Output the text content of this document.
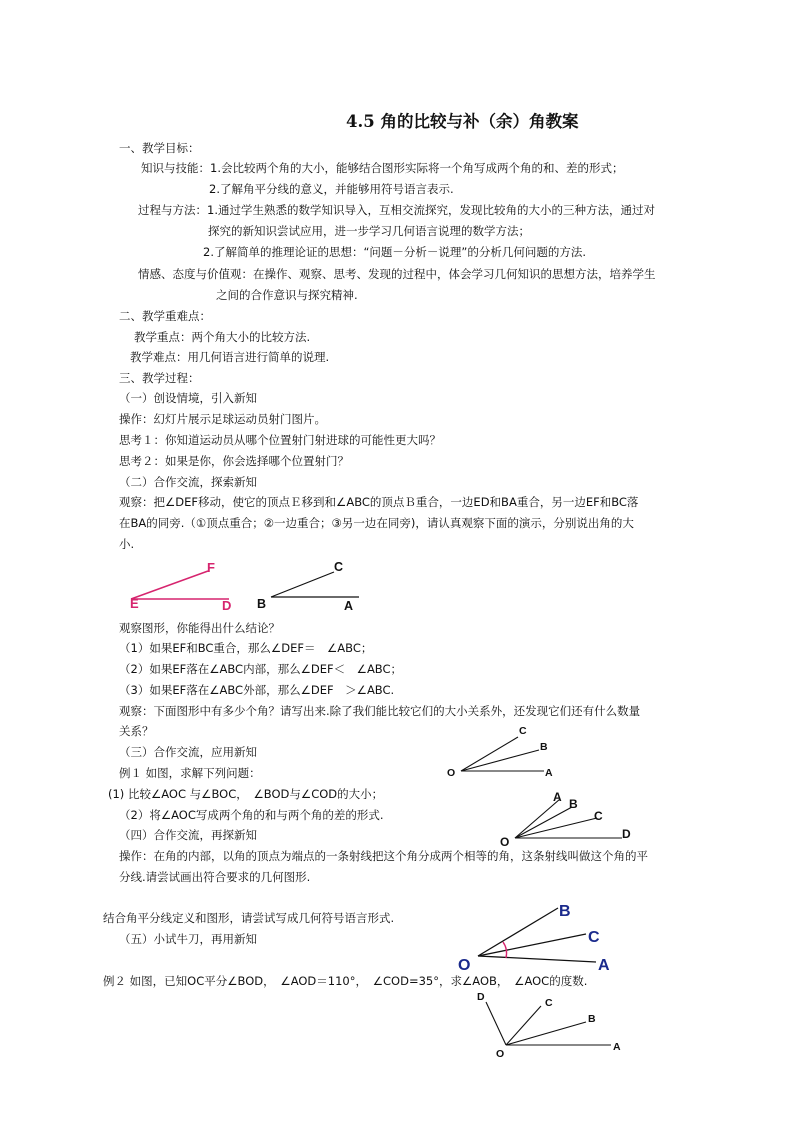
4.5 角的比较与补（余）角教案
一、教学目标：
知识与技能：1.会比较两个角的大小，能够结合图形实际将一个角写成两个角的和、差的形式；
2.了解角平分线的意义，并能够用符号语言表示.
过程与方法：1.通过学生熟悉的数学知识导入，互相交流探究，发现比较角的大小的三种方法，通过对
探究的新知识尝试应用，进一步学习几何语言说理的数学方法；
2.了解简单的推理论证的思想：“问题－分析－说理”的分析几何问题的方法.
情感、态度与价值观：在操作、观察、思考、发现的过程中，体会学习几何知识的思想方法，培养学生
之间的合作意识与探究精神.
二、教学重难点：
教学重点：两个角大小的比较方法.
教学难点：用几何语言进行简单的说理.
三、教学过程：
（一）创设情境，引入新知
操作：幻灯片展示足球运动员射门图片。
思考１：你知道运动员从哪个位置射门射进球的可能性更大吗？
思考２：如果是你，你会选择哪个位置射门？
（二）合作交流，探索新知
观察：把∠DEF移动，使它的顶点Ｅ移到和∠ABC的顶点Ｂ重合，一边ED和BA重合，另一边EF和BC落
在BA的同旁.（①顶点重合；②一边重合；③另一边在同旁)，请认真观察下面的演示，分别说出角的大
小.
观察图形，你能得出什么结论？
（1）如果EF和BC重合，那么∠DEF＝　∠ABC；
（2）如果EF落在∠ABC内部，那么∠DEF＜　∠ABC；
（3）如果EF落在∠ABC外部，那么∠DEF　＞∠ABC.
观察：下面图形中有多少个角？请写出来.除了我们能比较它们的大小关系外，还发现它们还有什么数量
关系？
（三）合作交流，应用新知
例１ 如图，求解下列问题：
(1) 比较∠AOC 与∠BOC，　∠BOD与∠COD的大小；
（2）将∠AOC写成两个角的和与两个角的差的形式.
（四）合作交流，再探新知
操作：在角的内部，以角的顶点为端点的一条射线把这个角分成两个相等的角，这条射线叫做这个角的平
分线.请尝试画出符合要求的几何图形.
结合角平分线定义和图形，请尝试写成几何符号语言形式.
（五）小试牛刀，再用新知
例２ 如图，已知OC平分∠BOD，　∠AOD＝110°，　∠COD=35°，求∠AOB，　∠AOC的度数.
F
E	D
C
B	A
C
B
O	A
A B
C
O
D
B
C
O	A
D	C
B
O
A
